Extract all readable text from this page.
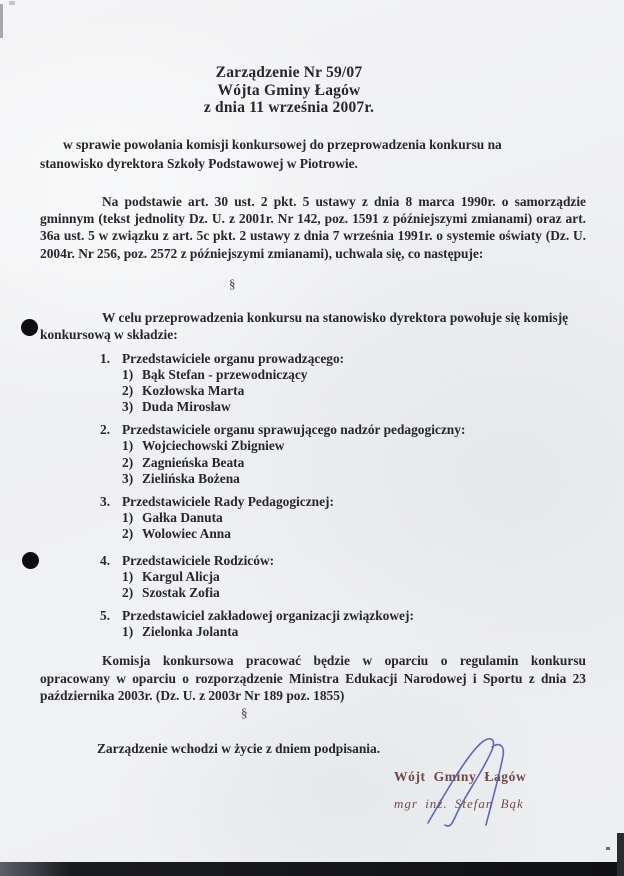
Zarządzenie Nr 59/07
Wójta Gminy Łagów
z dnia 11 września 2007r.
w sprawie powołania komisji konkursowej do przeprowadzenia konkursu na stanowisko dyrektora Szkoły Podstawowej w Piotrowie.
Na podstawie art. 30 ust. 2 pkt. 5 ustawy z dnia 8 marca 1990r. o samorządzie gminnym (tekst jednolity Dz. U. z 2001r. Nr 142, poz. 1591 z późniejszymi zmianami) oraz art. 36a ust. 5 w związku z art. 5c pkt. 2 ustawy z dnia 7 września 1991r. o systemie oświaty (Dz. U. 2004r. Nr 256, poz. 2572 z późniejszymi zmianami), uchwala się, co następuje:
§
W celu przeprowadzenia konkursu na stanowisko dyrektora powołuje się komisję konkursową w składzie:
1. Przedstawiciele organu prowadzącego:
1) Bąk Stefan - przewodniczący
2) Kozłowska Marta
3) Duda Mirosław
2. Przedstawiciele organu sprawującego nadzór pedagogiczny:
1) Wojciechowski Zbigniew
2) Zagnieńska Beata
3) Zielińska Bożena
3. Przedstawiciele Rady Pedagogicznej:
1) Gałka Danuta
2) Wolowiec Anna
4. Przedstawiciele Rodziców:
1) Kargul Alicja
2) Szostak Zofia
5. Przedstawiciel zakładowej organizacji związkowej:
1) Zielonka Jolanta
Komisja konkursowa pracować będzie w oparciu o regulamin konkursu opracowany w oparciu o rozporządzenie Ministra Edukacji Narodowej i Sportu z dnia 23 października 2003r. (Dz. U. z 2003r Nr 189 poz. 1855)
§
Zarządzenie wchodzi w życie z dniem podpisania.
Wójt Gminy Łagów
mgr inż. Stefan Bąk
